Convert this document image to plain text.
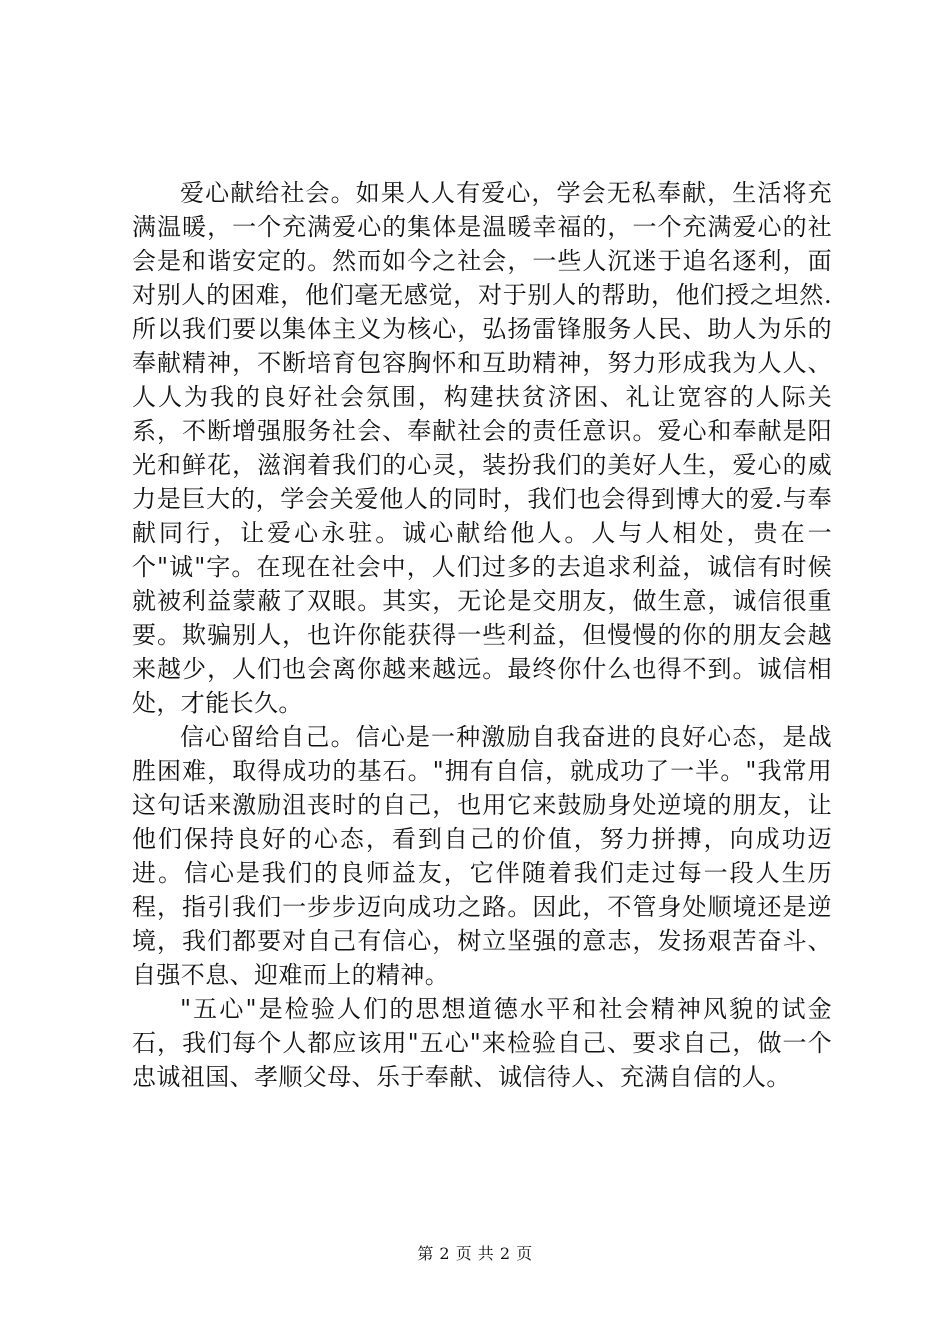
爱心献给社会。如果人人有爱心，学会无私奉献，生活将充满温暖，一个充满爱心的集体是温暖幸福的，一个充满爱心的社会是和谐安定的。然而如今之社会，一些人沉迷于追名逐利，面对别人的困难，他们毫无感觉，对于别人的帮助，他们授之坦然.所以我们要以集体主义为核心，弘扬雷锋服务人民、助人为乐的奉献精神，不断培育包容胸怀和互助精神，努力形成我为人人、人人为我的良好社会氛围，构建扶贫济困、礼让宽容的人际关系，不断增强服务社会、奉献社会的责任意识。爱心和奉献是阳光和鲜花，滋润着我们的心灵，装扮我们的美好人生，爱心的威力是巨大的，学会关爱他人的同时，我们也会得到博大的爱.与奉献同行，让爱心永驻。诚心献给他人。人与人相处，贵在一个"诚"字。在现在社会中，人们过多的去追求利益，诚信有时候就被利益蒙蔽了双眼。其实，无论是交朋友，做生意，诚信很重要。欺骗别人，也许你能获得一些利益，但慢慢的你的朋友会越来越少，人们也会离你越来越远。最终你什么也得不到。诚信相处，才能长久。

信心留给自己。信心是一种激励自我奋进的良好心态，是战胜困难，取得成功的基石。"拥有自信，就成功了一半。"我常用这句话来激励沮丧时的自己，也用它来鼓励身处逆境的朋友，让他们保持良好的心态，看到自己的价值，努力拼搏，向成功迈进。信心是我们的良师益友，它伴随着我们走过每一段人生历程，指引我们一步步迈向成功之路。因此，不管身处顺境还是逆境，我们都要对自己有信心，树立坚强的意志，发扬艰苦奋斗、自强不息、迎难而上的精神。

"五心"是检验人们的思想道德水平和社会精神风貌的试金石，我们每个人都应该用"五心"来检验自己、要求自己，做一个忠诚祖国、孝顺父母、乐于奉献、诚信待人、充满自信的人。

第 2 页 共 2 页
